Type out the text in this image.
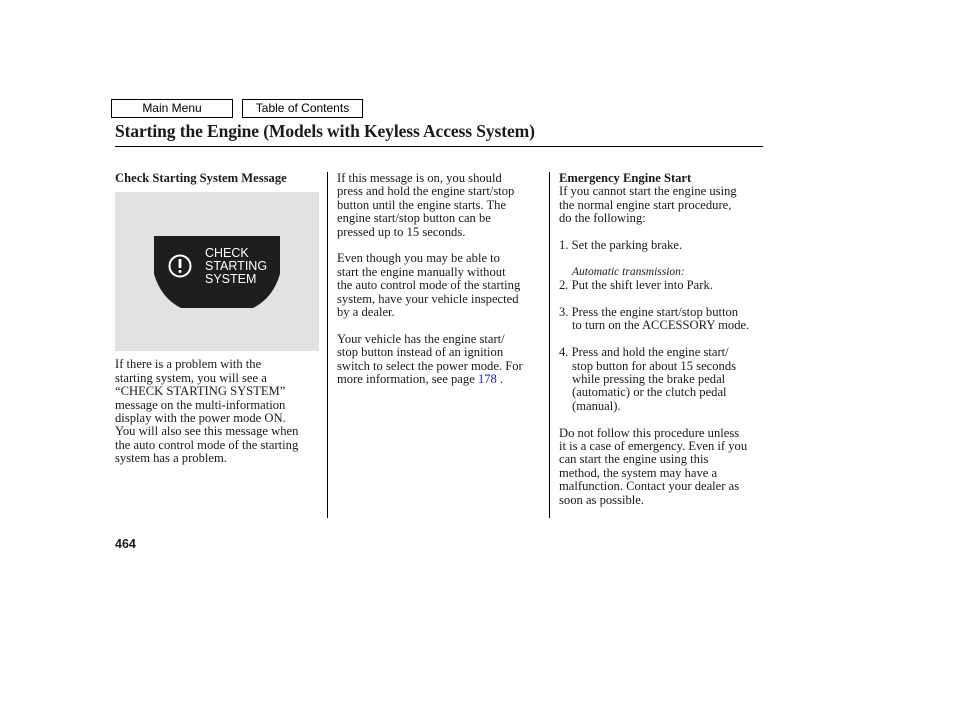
Main Menu	Table of Contents
Starting the Engine (Models with Keyless Access System)

Check Starting System Message

CHECK
STARTING
SYSTEM

If there is a problem with the

starting system, you will see a

“CHECK STARTING SYSTEM”

message on the multi-information

display with the power mode ON.

You will also see this message when

the auto control mode of the starting

system has a problem.

If this message is on, you should

press and hold the engine start/stop

button until the engine starts. The

engine start/stop button can be

pressed up to 15 seconds.

Even though you may be able to

start the engine manually without

the auto control mode of the starting

system, have your vehicle inspected

by a dealer.

Your vehicle has the engine start/

stop button instead of an ignition

switch to select the power mode. For

more information, see page 178 .

Emergency Engine Start

If you cannot start the engine using

the normal engine start procedure,

do the following:

1. Set the parking brake.

Automatic transmission:

2. Put the shift lever into Park.

3. Press the engine start/stop button

to turn on the ACCESSORY mode.

4. Press and hold the engine start/

stop button for about 15 seconds

while pressing the brake pedal

(automatic) or the clutch pedal

(manual).

Do not follow this procedure unless

it is a case of emergency. Even if you

can start the engine using this

method, the system may have a

malfunction. Contact your dealer as

soon as possible.

464
